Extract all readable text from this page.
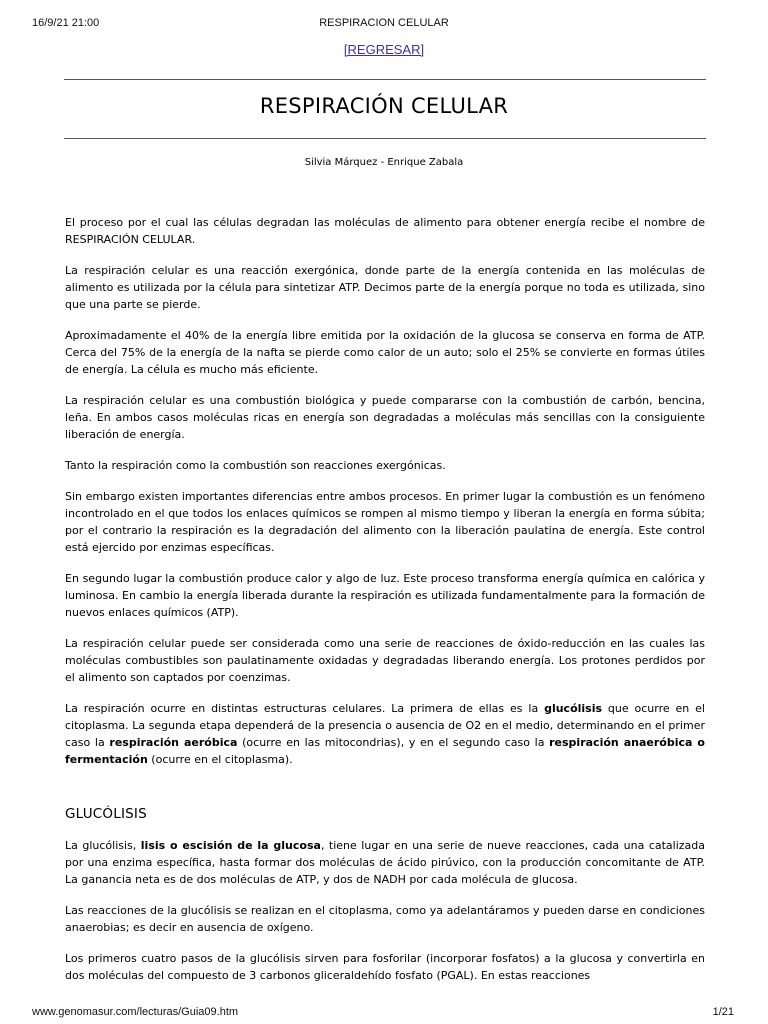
16/9/21 21:00	RESPIRACION CELULAR
[REGRESAR]
RESPIRACIÓN CELULAR
Silvia Márquez - Enrique Zabala

El proceso por el cual las células degradan las moléculas de alimento para obtener energía recibe el nombre de RESPIRACIÓN CELULAR.

La respiración celular es una reacción exergónica, donde parte de la energía contenida en las moléculas de alimento es utilizada por la célula para sintetizar ATP. Decimos parte de la energía porque no toda es utilizada, sino que una parte se pierde.

Aproximadamente el 40% de la energía libre emitida por la oxidación de la glucosa se conserva en forma de ATP. Cerca del 75% de la energía de la nafta se pierde como calor de un auto; solo el 25% se convierte en formas útiles de energía. La célula es mucho más eficiente.

La respiración celular es una combustión biológica y puede compararse con la combustión de carbón, bencina, leña. En ambos casos moléculas ricas en energía son degradadas a moléculas más sencillas con la consiguiente liberación de energía.

Tanto la respiración como la combustión son reacciones exergónicas.

Sin embargo existen importantes diferencias entre ambos procesos. En primer lugar la combustión es un fenómeno incontrolado en el que todos los enlaces químicos se rompen al mismo tiempo y liberan la energía en forma súbita; por el contrario la respiración es la degradación del alimento con la liberación paulatina de energía. Este control está ejercido por enzimas específicas.

En segundo lugar la combustión produce calor y algo de luz. Este proceso transforma energía química en calórica y luminosa. En cambio la energía liberada durante la respiración es utilizada fundamentalmente para la formación de nuevos enlaces químicos (ATP).

La respiración celular puede ser considerada como una serie de reacciones de óxido-reducción en las cuales las moléculas combustibles son paulatinamente oxidadas y degradadas liberando energía. Los protones perdidos por el alimento son captados por coenzimas.

La respiración ocurre en distintas estructuras celulares. La primera de ellas es la glucólisis que ocurre en el citoplasma. La segunda etapa dependerá de la presencia o ausencia de O2 en el medio, determinando en el primer caso la respiración aeróbica (ocurre en las mitocondrias), y en el segundo caso la respiración anaeróbica o fermentación (ocurre en el citoplasma).

GLUCÓLISIS

La glucólisis, lisis o escisión de la glucosa, tiene lugar en una serie de nueve reacciones, cada una catalizada por una enzima específica, hasta formar dos moléculas de ácido pirúvico, con la producción concomitante de ATP. La ganancia neta es de dos moléculas de ATP, y dos de NADH por cada molécula de glucosa.

Las reacciones de la glucólisis se realizan en el citoplasma, como ya adelantáramos y pueden darse en condiciones anaerobias; es decir en ausencia de oxígeno.

Los primeros cuatro pasos de la glucólisis sirven para fosforilar (incorporar fosfatos) a la glucosa y convertirla en dos moléculas del compuesto de 3 carbonos gliceraldehído fosfato (PGAL). En estas reacciones

www.genomasur.com/lecturas/Guia09.htm	1/21
